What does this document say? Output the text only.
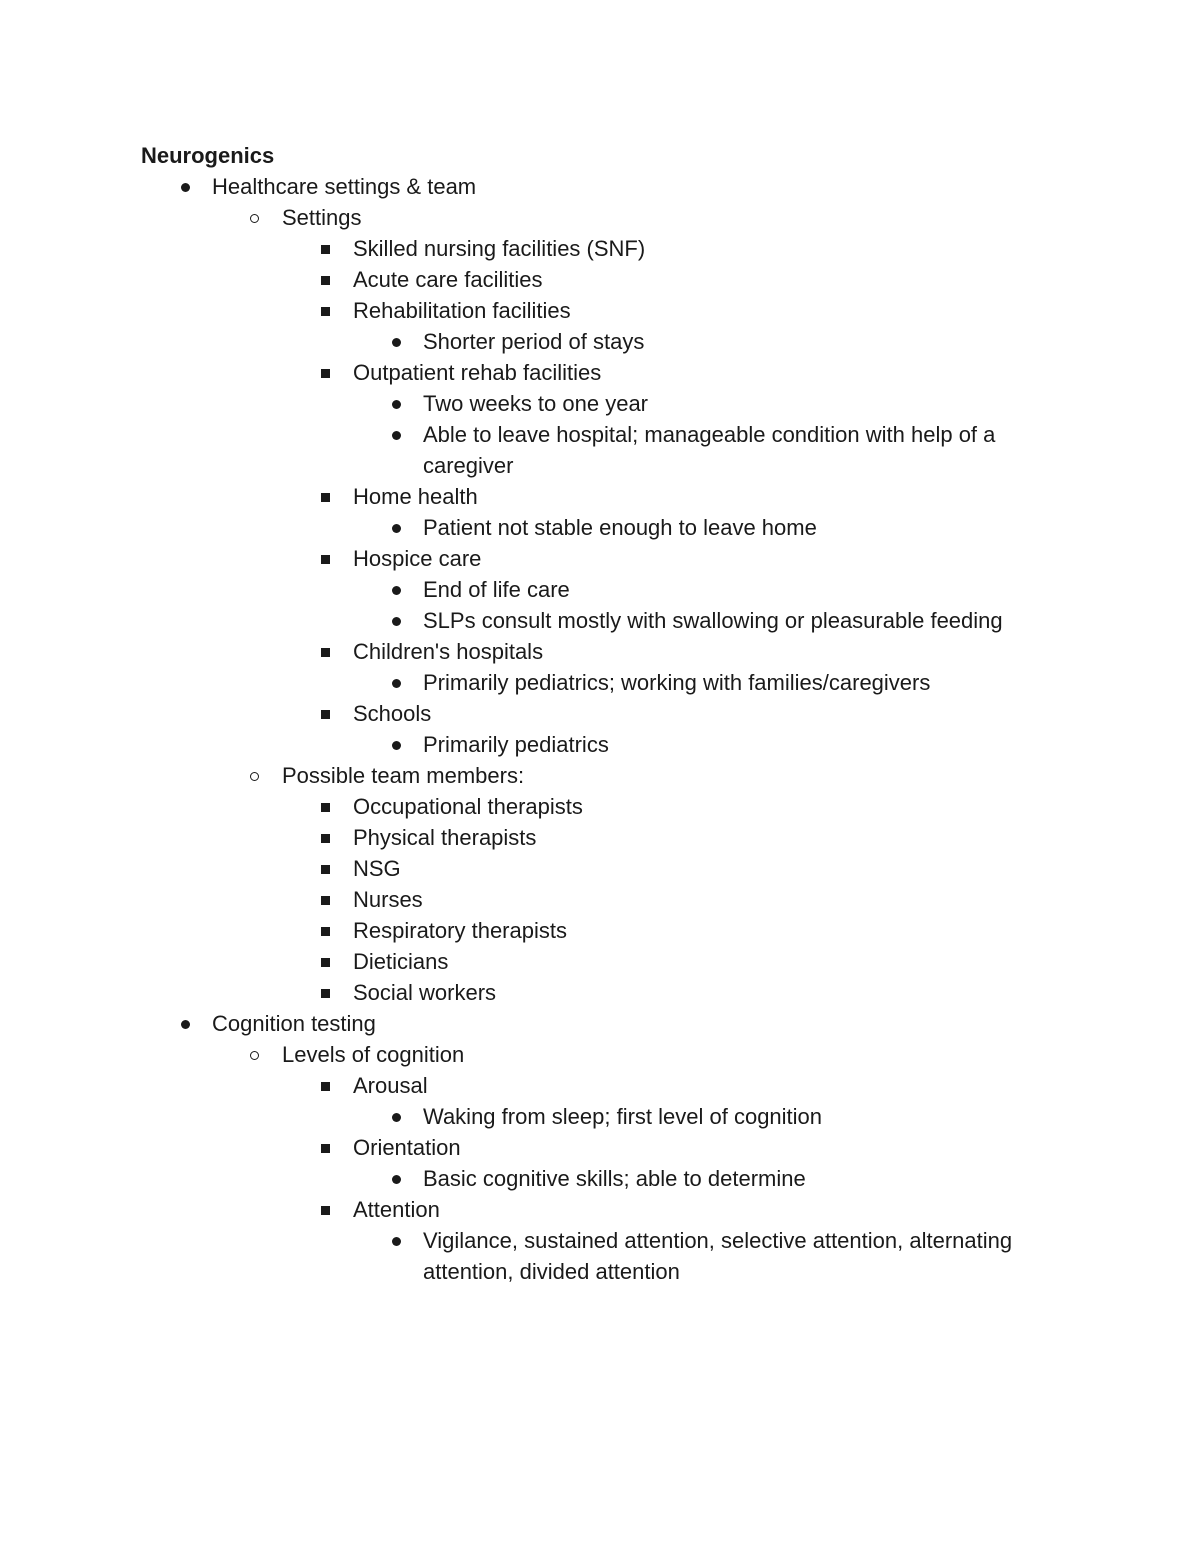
Neurogenics
Healthcare settings & team
Settings
Skilled nursing facilities (SNF)
Acute care facilities
Rehabilitation facilities
Shorter period of stays
Outpatient rehab facilities
Two weeks to one year
Able to leave hospital; manageable condition with help of a caregiver
Home health
Patient not stable enough to leave home
Hospice care
End of life care
SLPs consult mostly with swallowing or pleasurable feeding
Children's hospitals
Primarily pediatrics; working with families/caregivers
Schools
Primarily pediatrics
Possible team members:
Occupational therapists
Physical therapists
NSG
Nurses
Respiratory therapists
Dieticians
Social workers
Cognition testing
Levels of cognition
Arousal
Waking from sleep; first level of cognition
Orientation
Basic cognitive skills; able to determine
Attention
Vigilance, sustained attention, selective attention, alternating attention, divided attention
